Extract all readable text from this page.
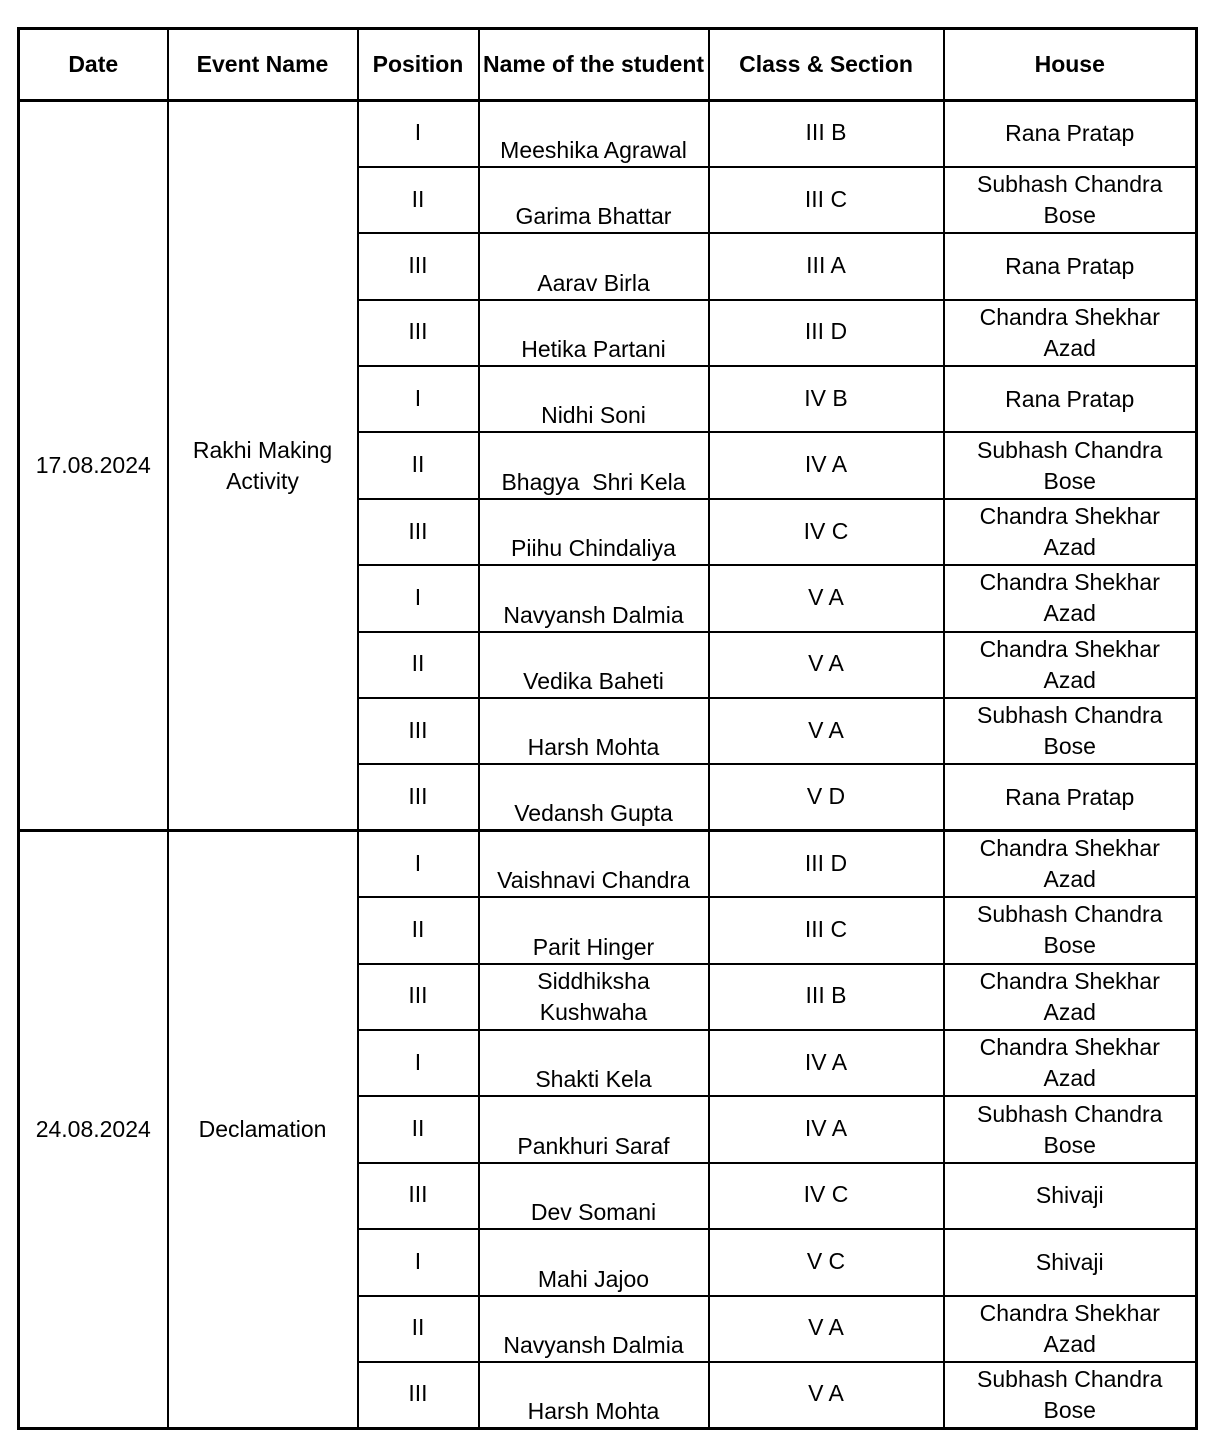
Date	Event Name	Position	Name of the student	Class & Section	House
17.08.2024	Rakhi Making Activity	I	Meeshika Agrawal	III B	Rana Pratap
		II	Garima Bhattar	III C	Subhash Chandra Bose
		III	Aarav Birla	III A	Rana Pratap
		III	Hetika Partani	III D	Chandra Shekhar Azad
		I	Nidhi Soni	IV B	Rana Pratap
		II	Bhagya  Shri Kela	IV A	Subhash Chandra Bose
		III	Piihu Chindaliya	IV C	Chandra Shekhar Azad
		I	Navyansh Dalmia	V A	Chandra Shekhar Azad
		II	Vedika Baheti	V A	Chandra Shekhar Azad
		III	Harsh Mohta	V A	Subhash Chandra Bose
		III	Vedansh Gupta	V D	Rana Pratap
24.08.2024	Declamation	I	Vaishnavi Chandra	III D	Chandra Shekhar Azad
		II	Parit Hinger	III C	Subhash Chandra Bose
		III	Siddhiksha Kushwaha	III B	Chandra Shekhar Azad
		I	Shakti Kela	IV A	Chandra Shekhar Azad
		II	Pankhuri Saraf	IV A	Subhash Chandra Bose
		III	Dev Somani	IV C	Shivaji
		I	Mahi Jajoo	V C	Shivaji
		II	Navyansh Dalmia	V A	Chandra Shekhar Azad
		III	Harsh Mohta	V A	Subhash Chandra Bose
